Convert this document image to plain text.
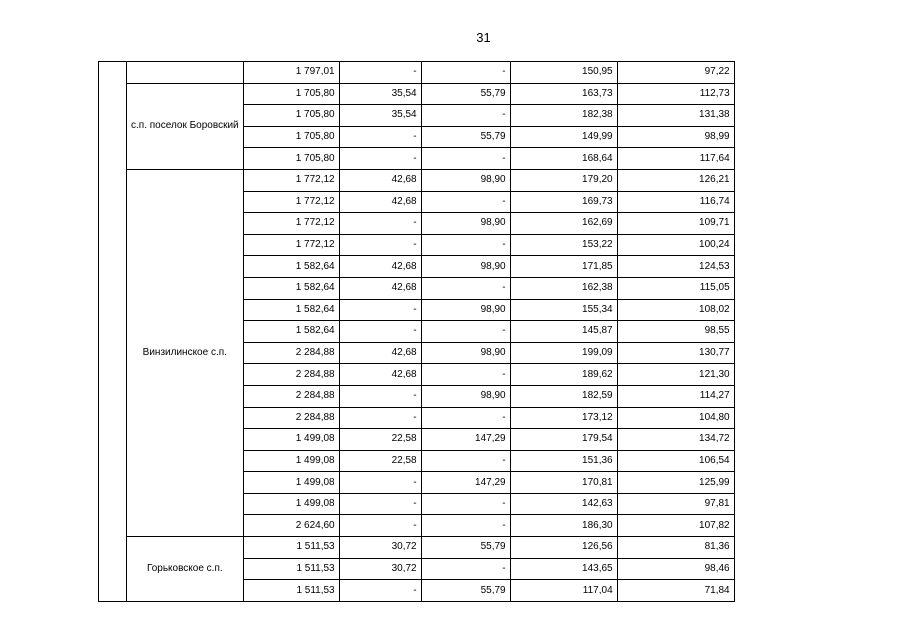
31
		1 797,01	-	-	150,95	97,22
	с.п. поселок Боровский	1 705,80	35,54	55,79	163,73	112,73
		1 705,80	35,54	-	182,38	131,38
		1 705,80	-	55,79	149,99	98,99
		1 705,80	-	-	168,64	117,64
	Винзилинское с.п.	1 772,12	42,68	98,90	179,20	126,21
		1 772,12	42,68	-	169,73	116,74
		1 772,12	-	98,90	162,69	109,71
		1 772,12	-	-	153,22	100,24
		1 582,64	42,68	98,90	171,85	124,53
		1 582,64	42,68	-	162,38	115,05
		1 582,64	-	98,90	155,34	108,02
		1 582,64	-	-	145,87	98,55
		2 284,88	42,68	98,90	199,09	130,77
		2 284,88	42,68	-	189,62	121,30
		2 284,88	-	98,90	182,59	114,27
		2 284,88	-	-	173,12	104,80
		1 499,08	22,58	147,29	179,54	134,72
		1 499,08	22,58	-	151,36	106,54
		1 499,08	-	147,29	170,81	125,99
		1 499,08	-	-	142,63	97,81
		2 624,60	-	-	186,30	107,82
	Горьковское с.п.	1 511,53	30,72	55,79	126,56	81,36
		1 511,53	30,72	-	143,65	98,46
		1 511,53	-	55,79	117,04	71,84
